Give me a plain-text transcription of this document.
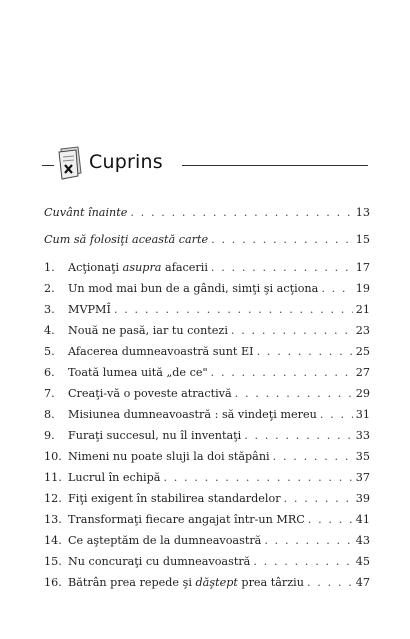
Cuprins
Cuvânt înainte . . .	13
Cum să folosiţi această carte . . .	15
1.	Acţionaţi asupra afacerii . . .	17
2.	Un mod mai bun de a gândi, simţi şi acţiona . . .	19
3.	MVPMÎ . . .	21
4.	Nouă ne pasă, iar tu contezi . . .	23
5.	Afacerea dumneavoastră sunt EI . . .	25
6.	Toată lumea uită „de ce" . . .	27
7.	Creaţi-vă o poveste atractivă . . .	29
8.	Misiunea dumneavoastră : să vindeţi mereu . . .	31
9.	Furaţi succesul, nu îl inventaţi . . .	33
10. Nimeni nu poate sluji la doi stăpâni . . .	35
11. Lucrul în echipă . . .	37
12. Fiţi exigent în stabilirea standardelor . . .	39
13. Transformaţi fiecare angajat într-un MRC . . .	41
14. Ce aşteptăm de la dumneavoastră . . .	43
15. Nu concuraţi cu dumneavoastră . . .	45
16. Bătrân prea repede şi dăştept prea târziu . . .	47
